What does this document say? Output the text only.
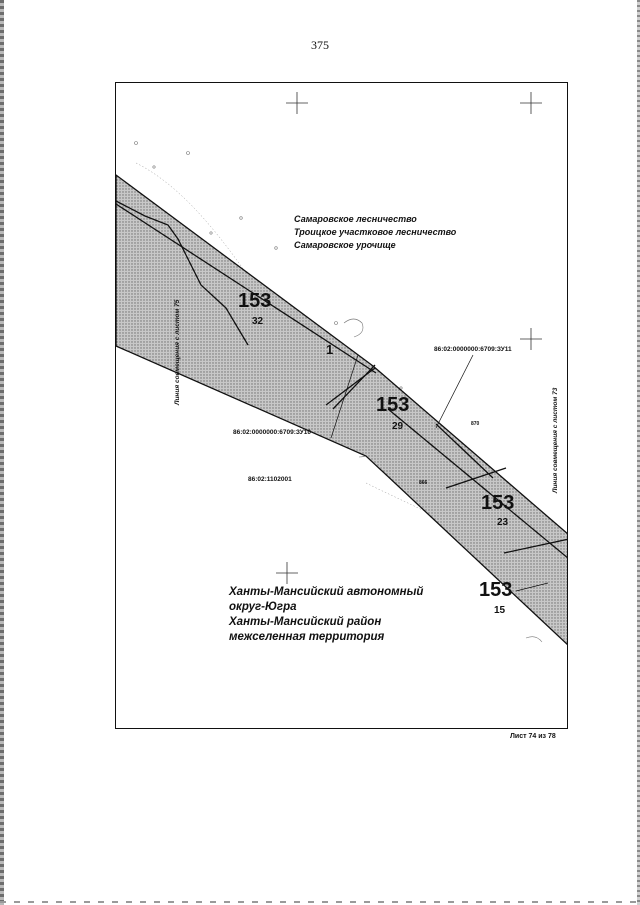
375
Самаровское лесничество
Троицкое участковое лесничество
Самаровское урочище
153
32
153
29
153
23
153
15
86:02:0000000:6709:ЗУ11
86:02:0000000:6709:ЗУ10
86:02:1102001
870
866
1
Ханты-Мансийский автономный
округ-Югра
Ханты-Мансийский район
межселенная территория
Линия совмещения с листом 75
Линия совмещения с листом 73
Лист 74 из 78
